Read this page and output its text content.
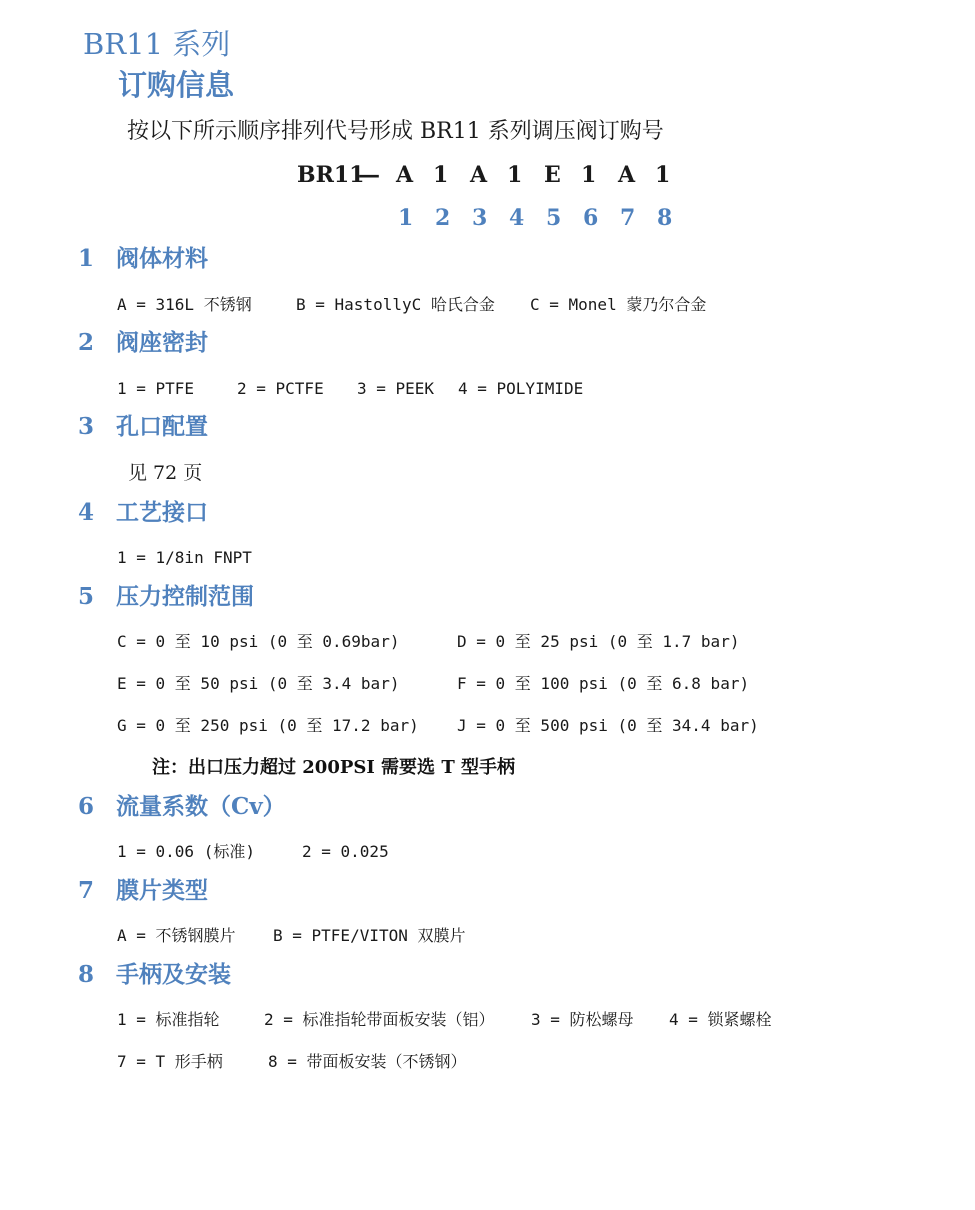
BR11 系列
订购信息
按以下所示顺序排列代号形成 BR11 系列调压阀订购号
BR11
— A 1 A 1 E 1 A 1
1 2 3 4 5 6 7 8
1 阀体材料
A = 316L 不锈钢	B = HastollyC 哈氏合金 C = Monel 蒙乃尔合金
2 阀座密封
1 = PTFE	2 = PCTFE 3 = PEEK 4 = POLYIMIDE
3 孔口配置
见 72 页
4 工艺接口
1 = 1/8in FNPT
5 压力控制范围
C = 0 至 10 psi (0 至 0.69bar)	D = 0 至 25 psi (0 至 1.7 bar)
E = 0 至 50 psi (0 至 3.4 bar)	F = 0 至 100 psi (0 至 6.8 bar)
G = 0 至 250 psi (0 至 17.2 bar) J = 0 至 500 psi (0 至 34.4 bar)
注：出口压力超过 200PSI 需要选 T 型手柄
6 流量系数（Cv）
1 = 0.06 (标准)	2 = 0.025
7 膜片类型
A = 不锈钢膜片 B = PTFE/VITON 双膜片
8 手柄及安装
1 = 标准指轮	2 = 标准指轮带面板安装（铝） 3 = 防松螺母 4 = 锁紧螺栓
7 = T 形手柄	8 = 带面板安装（不锈钢）
